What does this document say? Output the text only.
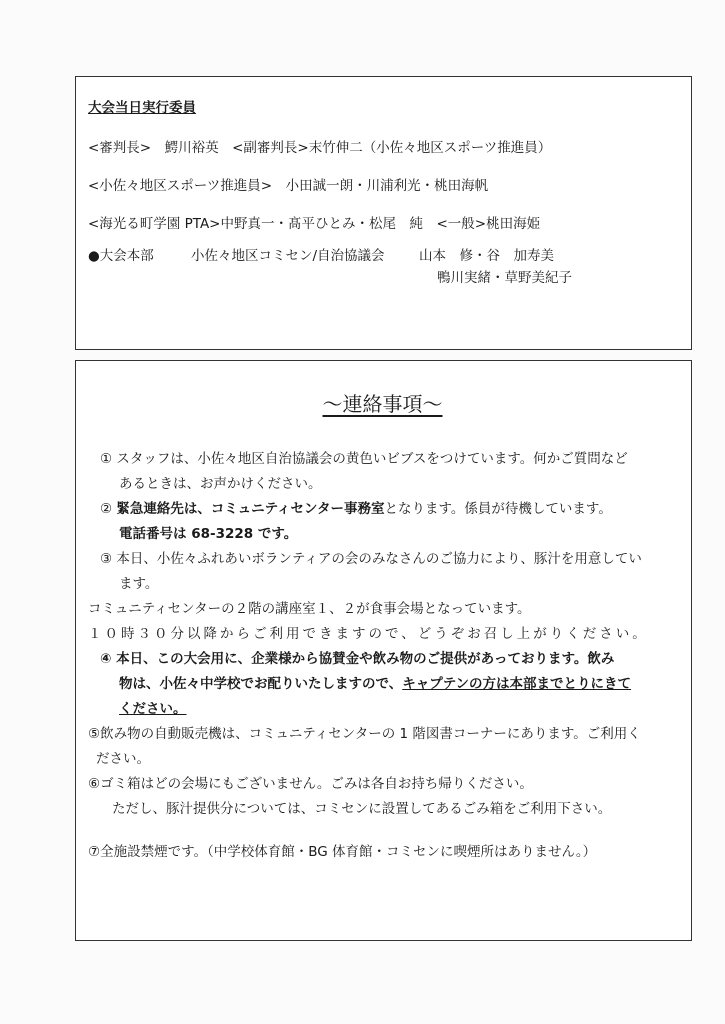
大会当日実行委員
<審判長>　鰐川裕英　<副審判長>末竹伸二（小佐々地区スポーツ推進員）
<小佐々地区スポーツ推進員>　小田誠一朗・川浦利光・桃田海帆
<海光る町学園 PTA>中野真一・髙平ひとみ・松尾　純　<一般>桃田海姫
●大会本部	小佐々地区コミセン/自治協議会	山本　修・谷　加寿美
鴨川実緒・草野美紀子
～連絡事項～
① スタッフは、小佐々地区自治協議会の黄色いビブスをつけています。何かご質問など
あるときは、お声かけください。
② 緊急連絡先は、コミュニティセンター事務室となります。係員が待機しています。
電話番号は 68-3228 です。
③ 本日、小佐々ふれあいボランティアの会のみなさんのご協力により、豚汁を用意してい
ます。
コミュニティセンターの２階の講座室１、２が食事会場となっています。
１０時３０分以降からご利用できますので、どうぞお召し上がりください。
④ 本日、この大会用に、企業様から協賛金や飲み物のご提供があっております。飲み
物は、小佐々中学校でお配りいたしますので、キャプテンの方は本部までとりにきて
ください。
⑤飲み物の自動販売機は、コミュニティセンターの 1 階図書コーナーにあります。ご利用く
ださい。
⑥ゴミ箱はどの会場にもございません。ごみは各自お持ち帰りください。
ただし、豚汁提供分については、コミセンに設置してあるごみ箱をご利用下さい。
⑦全施設禁煙です。（中学校体育館・BG 体育館・コミセンに喫煙所はありません。）
